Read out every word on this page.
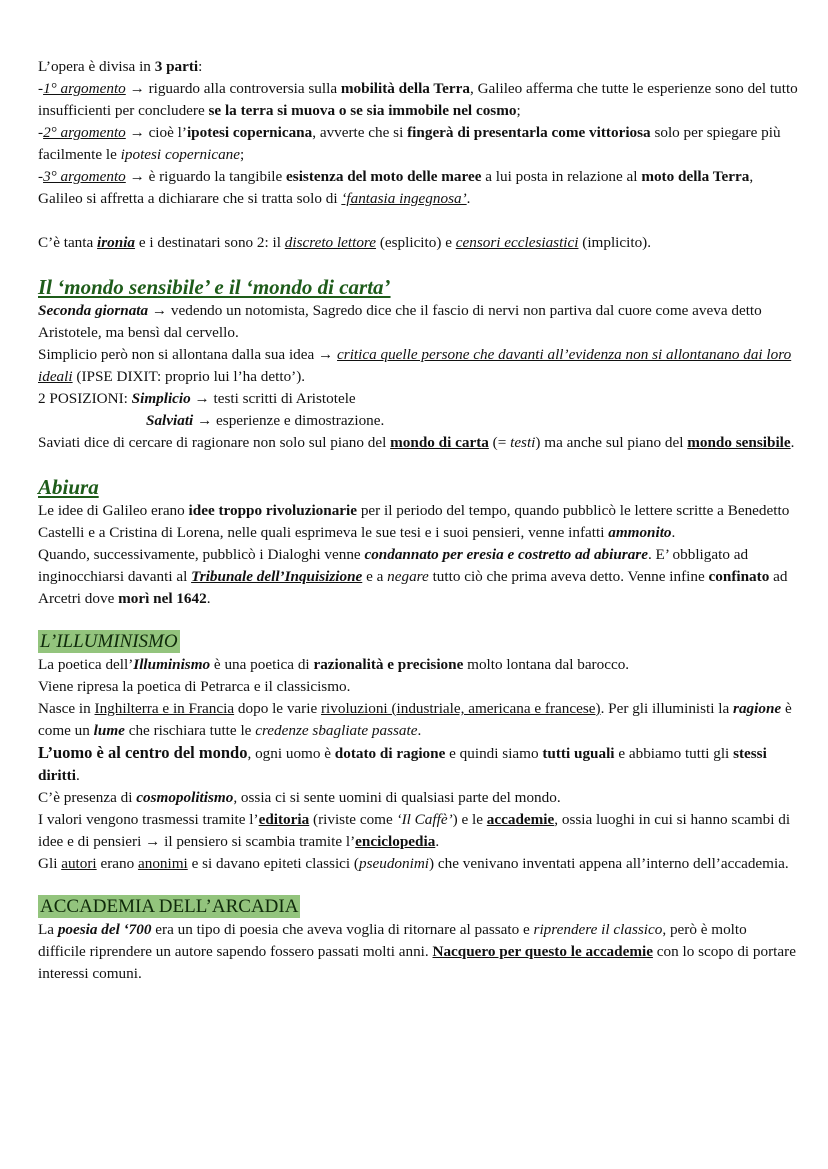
L’opera è divisa in 3 parti:

-1° argomento → riguardo alla controversia sulla mobilità della Terra, Galileo afferma che tutte le esperienze sono del tutto insufficienti per concludere se la terra si muova o se sia immobile nel cosmo;

-2° argomento → cioè l’ipotesi copernicana, avverte che si fingerà di presentarla come vittoriosa solo per spiegare più facilmente le ipotesi copernicane;

-3° argomento → è riguardo la tangibile esistenza del moto delle maree a lui posta in relazione al moto della Terra, Galileo si affretta a dichiarare che si tratta solo di ‘fantasia ingegnosa’.

C’è tanta ironia e i destinatari sono 2: il discreto lettore (esplicito) e censori ecclesiastici (implicito).

Il ‘mondo sensibile’ e il ‘mondo di carta’

Seconda giornata → vedendo un notomista, Sagredo dice che il fascio di nervi non partiva dal cuore come aveva detto Aristotele, ma bensì dal cervello.

Simplicio però non si allontana dalla sua idea → critica quelle persone che davanti all’evidenza non si allontanano dai loro ideali (IPSE DIXIT: proprio lui l’ha detto’).

2 POSIZIONI: Simplicio → testi scritti di Aristotele

Salviati → esperienze e dimostrazione.

Saviati dice di cercare di ragionare non solo sul piano del mondo di carta (= testi) ma anche sul piano del mondo sensibile.

Abiura

Le idee di Galileo erano idee troppo rivoluzionarie per il periodo del tempo, quando pubblicò le lettere scritte a Benedetto Castelli e a Cristina di Lorena, nelle quali esprimeva le sue tesi e i suoi pensieri, venne infatti ammonito.
Quando, successivamente, pubblicò i Dialoghi venne condannato per eresia e costretto ad abiurare. E’ obbligato ad inginocchiarsi davanti al Tribunale dell’Inquisizione e a negare tutto ciò che prima aveva detto. Venne infine confinato ad Arcetri dove morì nel 1642.

L’ILLUMINISMO

La poetica dell’Illuminismo è una poetica di razionalità e precisione molto lontana dal barocco.

Viene ripresa la poetica di Petrarca e il classicismo.

Nasce in Inghilterra e in Francia dopo le varie rivoluzioni (industriale, americana e francese). Per gli illuministi la ragione è come un lume che rischiara tutte le credenze sbagliate passate.

L’uomo è al centro del mondo, ogni uomo è dotato di ragione e quindi siamo tutti uguali e abbiamo tutti gli stessi diritti.

C’è presenza di cosmopolitismo, ossia ci si sente uomini di qualsiasi parte del mondo.

I valori vengono trasmessi tramite l’editoria (riviste come ‘Il Caffè’) e le accademie, ossia luoghi in cui si hanno scambi di idee e di pensieri → il pensiero si scambia tramite l’enciclopedia.

Gli autori erano anonimi e si davano epiteti classici (pseudonimi) che venivano inventati appena all’interno dell’accademia.

ACCADEMIA DELL’ARCADIA

La poesia del ‘700 era un tipo di poesia che aveva voglia di ritornare al passato e riprendere il classico, però è molto difficile riprendere un autore sapendo fossero passati molti anni. Nacquero per questo le accademie con lo scopo di portare interessi comuni.
